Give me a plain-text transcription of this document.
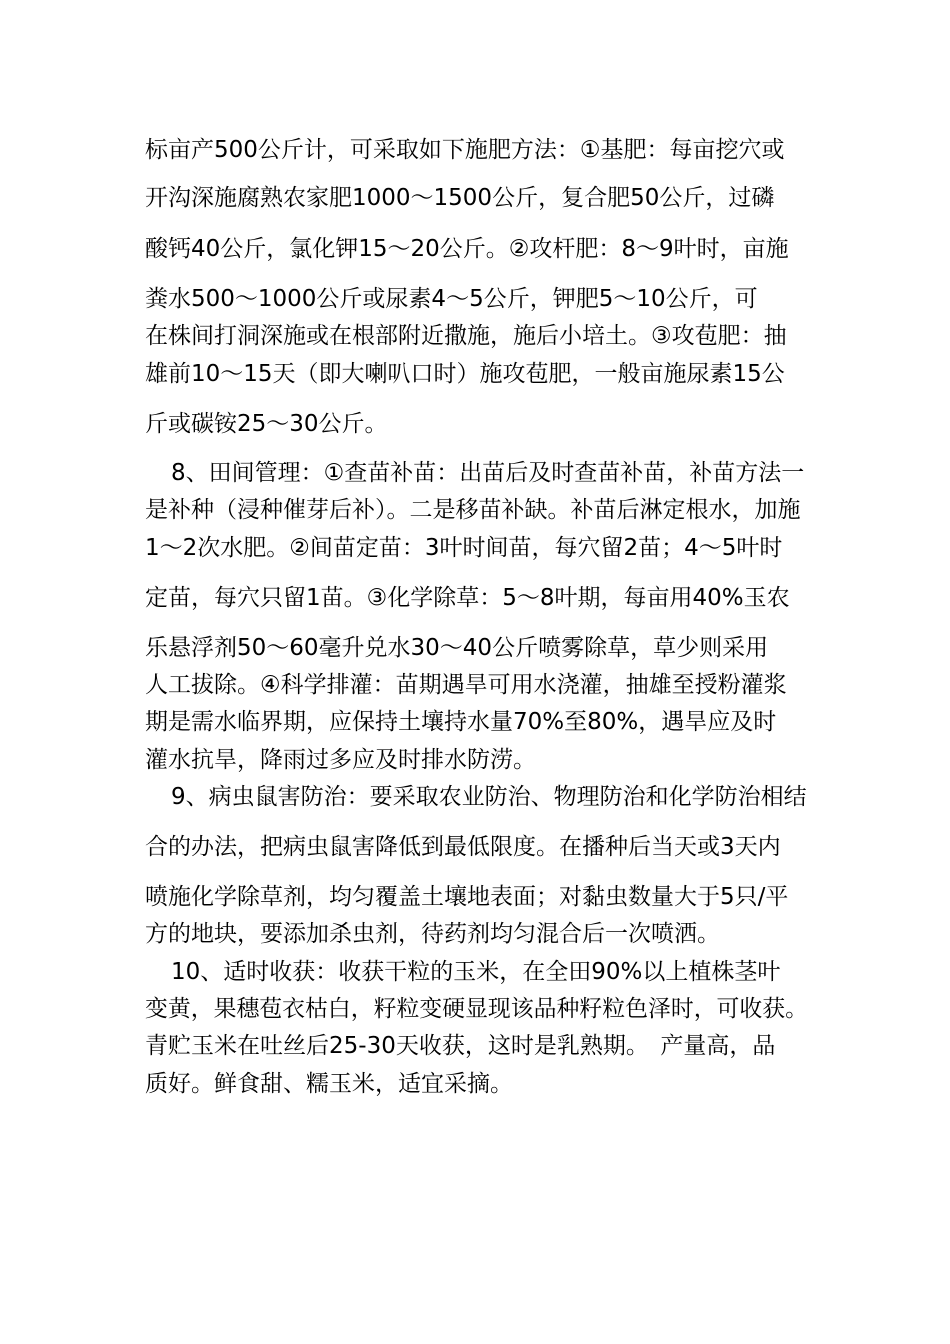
标亩产500公斤计，可采取如下施肥方法：①基肥：每亩挖穴或
开沟深施腐熟农家肥1000～1500公斤，复合肥50公斤，过磷
酸钙40公斤，氯化钾15～20公斤。②攻杆肥：8～9叶时，亩施
粪水500～1000公斤或尿素4～5公斤，钾肥5～10公斤，可
在株间打洞深施或在根部附近撒施，施后小培土。③攻苞肥：抽
雄前10～15天（即大喇叭口时）施攻苞肥，一般亩施尿素15公
斤或碳铵25～30公斤。
8、田间管理：①查苗补苗：出苗后及时查苗补苗，补苗方法一
是补种（浸种催芽后补）。二是移苗补缺。补苗后淋定根水，加施
1～2次水肥。②间苗定苗：3叶时间苗，每穴留2苗；4～5叶时
定苗，每穴只留1苗。③化学除草：5～8叶期，每亩用40%玉农
乐悬浮剂50～60毫升兑水30～40公斤喷雾除草，草少则采用
人工拔除。④科学排灌：苗期遇旱可用水浇灌，抽雄至授粉灌浆
期是需水临界期，应保持土壤持水量70%至80%，遇旱应及时
灌水抗旱，降雨过多应及时排水防涝。
9、病虫鼠害防治：要采取农业防治、物理防治和化学防治相结
合的办法，把病虫鼠害降低到最低限度。在播种后当天或3天内
喷施化学除草剂，均匀覆盖土壤地表面；对黏虫数量大于5只/平
方的地块，要添加杀虫剂，待药剂均匀混合后一次喷洒。
10、适时收获：收获干粒的玉米，在全田90%以上植株茎叶
变黄，果穗苞衣枯白，籽粒变硬显现该品种籽粒色泽时，可收获。
青贮玉米在吐丝后25-30天收获，这时是乳熟期。　产量高，品
质好。鲜食甜、糯玉米，适宜采摘。
